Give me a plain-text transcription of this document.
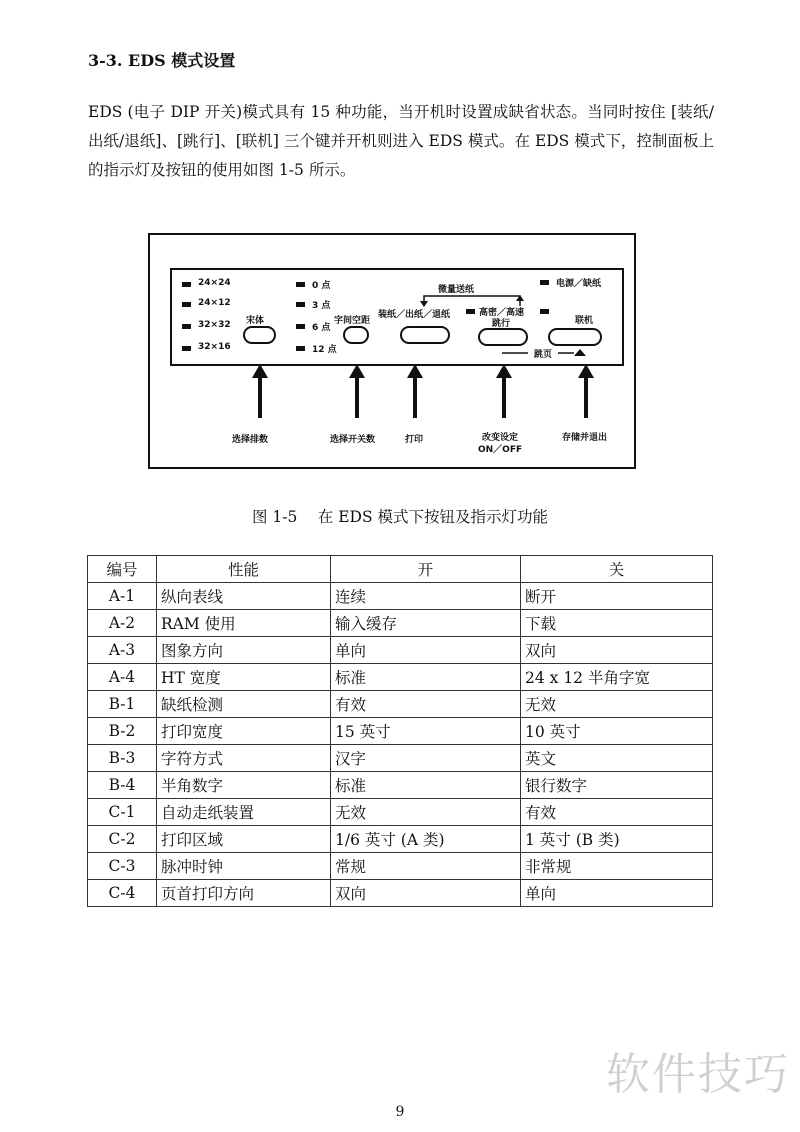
3-3. EDS 模式设置
EDS (电子 DIP 开关)模式具有 15 种功能，当开机时设置成缺省状态。当同时按住 [装纸/出纸/退纸]、[跳行]、[联机] 三个键并开机则进入 EDS 模式。在 EDS 模式下，控制面板上的指示灯及按钮的使用如图 1-5 所示。
24×24
24×12
32×32
32×16
宋体
0 点
3 点
6 点
12 点
字间空距
微量送纸
装纸／出纸／退纸	高密／高速
跳行
电源／缺纸
联机
跳页
选择排数	选择开关数	打印	改变设定
ON／OFF
存储并退出
图 1-5　 在 EDS 模式下按钮及指示灯功能
编号	性能	开	关
A-1	纵向表线	连续	断开
A-2	RAM 使用	输入缓存	下载
A-3	图象方向	单向	双向
A-4	HT 宽度	标准	24 x 12 半角字宽
B-1	缺纸检测	有效	无效
B-2	打印宽度	15 英寸	10 英寸
B-3	字符方式	汉字	英文
B-4	半角数字	标准	银行数字
C-1	自动走纸装置	无效	有效
C-2	打印区域	1/6 英寸 (A 类)	1 英寸 (B 类)
C-3	脉冲时钟	常规	非常规
C-4	页首打印方向	双向	单向
软件技巧
9
